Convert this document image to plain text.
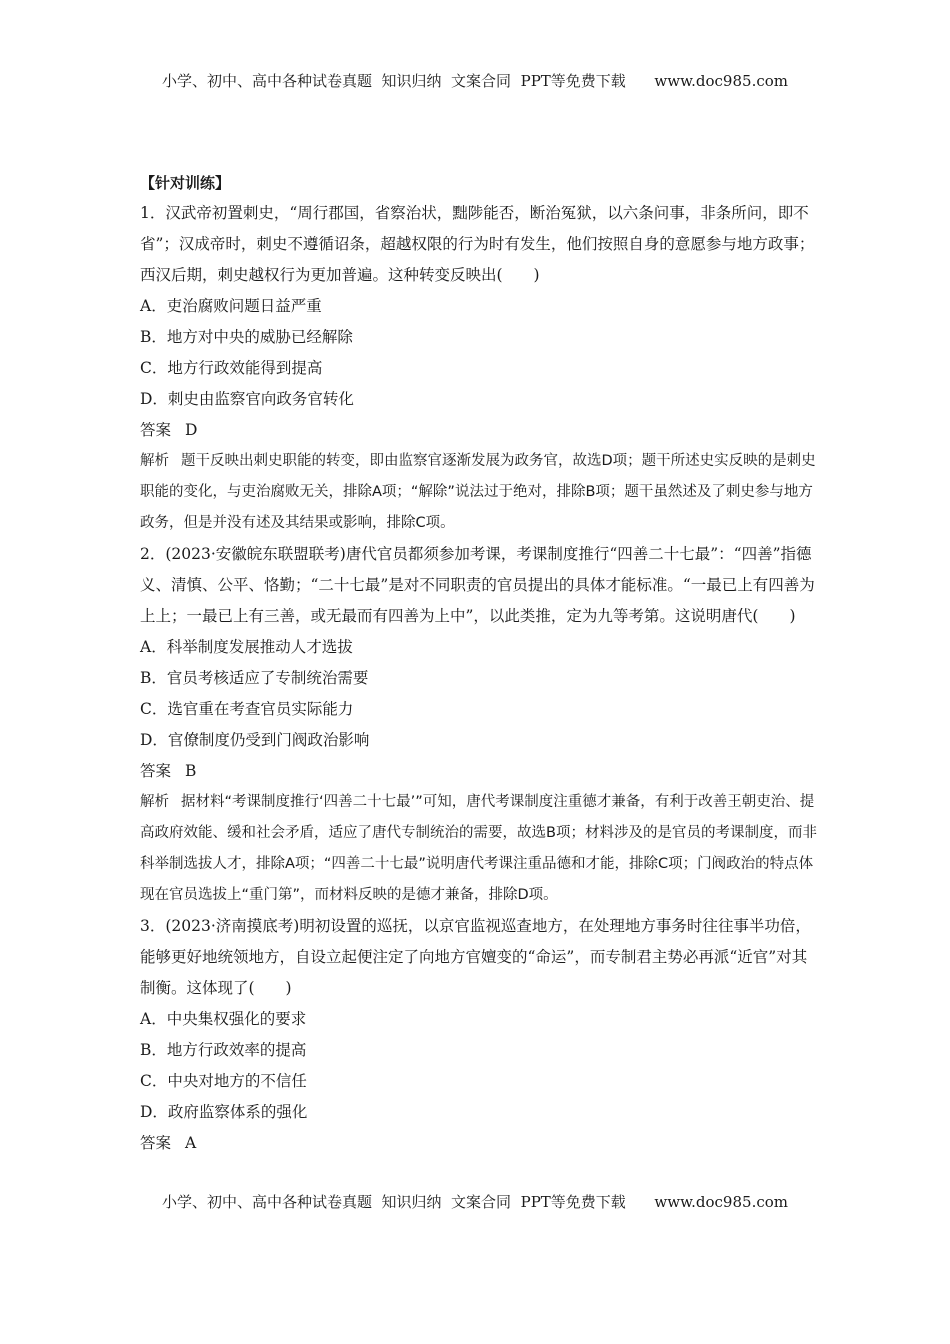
小学、初中、高中各种试卷真题  知识归纳  文案合同  PPT等免费下载      www.doc985.com
【针对训练】
1．汉武帝初置刺史，“周行郡国，省察治状，黜陟能否，断治冤狱，以六条问事，非条所问，即不省”；汉成帝时，刺史不遵循诏条，超越权限的行为时有发生，他们按照自身的意愿参与地方政事；西汉后期，刺史越权行为更加普遍。这种转变反映出(　　)
A．吏治腐败问题日益严重
B．地方对中央的威胁已经解除
C．地方行政效能得到提高
D．刺史由监察官向政务官转化
答案 D
解析 题干反映出刺史职能的转变，即由监察官逐渐发展为政务官，故选D项；题干所述史实反映的是刺史职能的变化，与吏治腐败无关，排除A项；“解除”说法过于绝对，排除B项；题干虽然述及了刺史参与地方政务，但是并没有述及其结果或影响，排除C项。
2．(2023·安徽皖东联盟联考)唐代官员都须参加考课，考课制度推行“四善二十七最”：“四善”指德义、清慎、公平、恪勤；“二十七最”是对不同职责的官员提出的具体才能标准。“一最已上有四善为上上；一最已上有三善，或无最而有四善为上中”，以此类推，定为九等考第。这说明唐代(　　)
A．科举制度发展推动人才选拔
B．官员考核适应了专制统治需要
C．选官重在考查官员实际能力
D．官僚制度仍受到门阀政治影响
答案 B
解析 据材料“考课制度推行‘四善二十七最’”可知，唐代考课制度注重德才兼备，有利于改善王朝吏治、提高政府效能、缓和社会矛盾，适应了唐代专制统治的需要，故选B项；材料涉及的是官员的考课制度，而非科举制选拔人才，排除A项；“四善二十七最”说明唐代考课注重品德和才能，排除C项；门阀政治的特点体现在官员选拔上“重门第”，而材料反映的是德才兼备，排除D项。
3．(2023·济南摸底考)明初设置的巡抚，以京官监视巡查地方，在处理地方事务时往往事半功倍，能够更好地统领地方，自设立起便注定了向地方官嬗变的“命运”，而专制君主势必再派“近官”对其制衡。这体现了(　　)
A．中央集权强化的要求
B．地方行政效率的提高
C．中央对地方的不信任
D．政府监察体系的强化
答案 A
小学、初中、高中各种试卷真题  知识归纳  文案合同  PPT等免费下载      www.doc985.com
